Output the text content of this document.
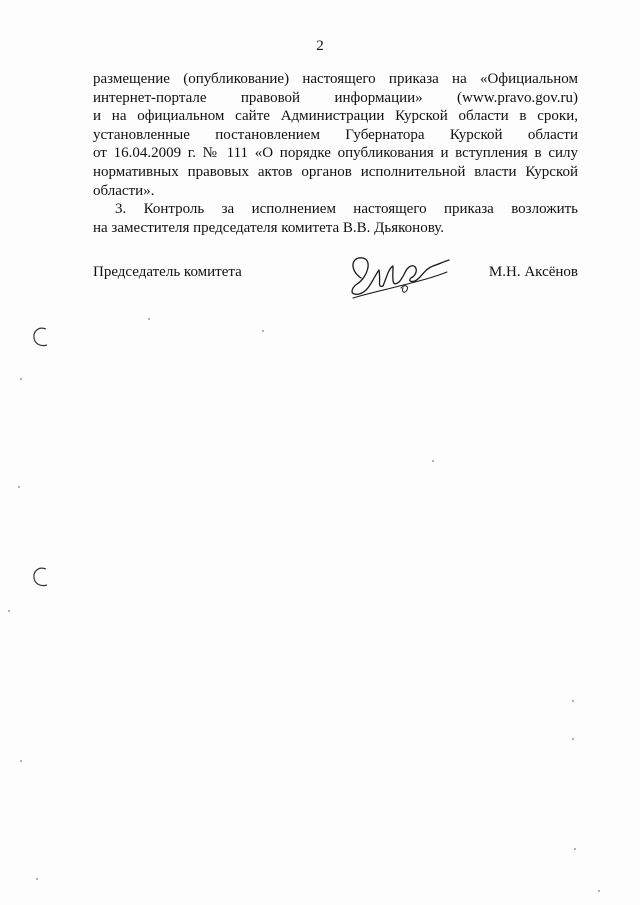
2
размещение (опубликование) настоящего приказа на «Официальном
интернет-портале правовой информации» (www.pravo.gov.ru)
и на официальном сайте Администрации Курской области в сроки,
установленные постановлением Губернатора Курской области
от 16.04.2009 г. № 111 «О порядке опубликования и вступления в силу
нормативных правовых актов органов исполнительной власти Курской
области».
3. Контроль за исполнением настоящего приказа возложить
на заместителя председателя комитета В.В. Дьяконову.
Председатель комитета	М.Н. Аксёнов
